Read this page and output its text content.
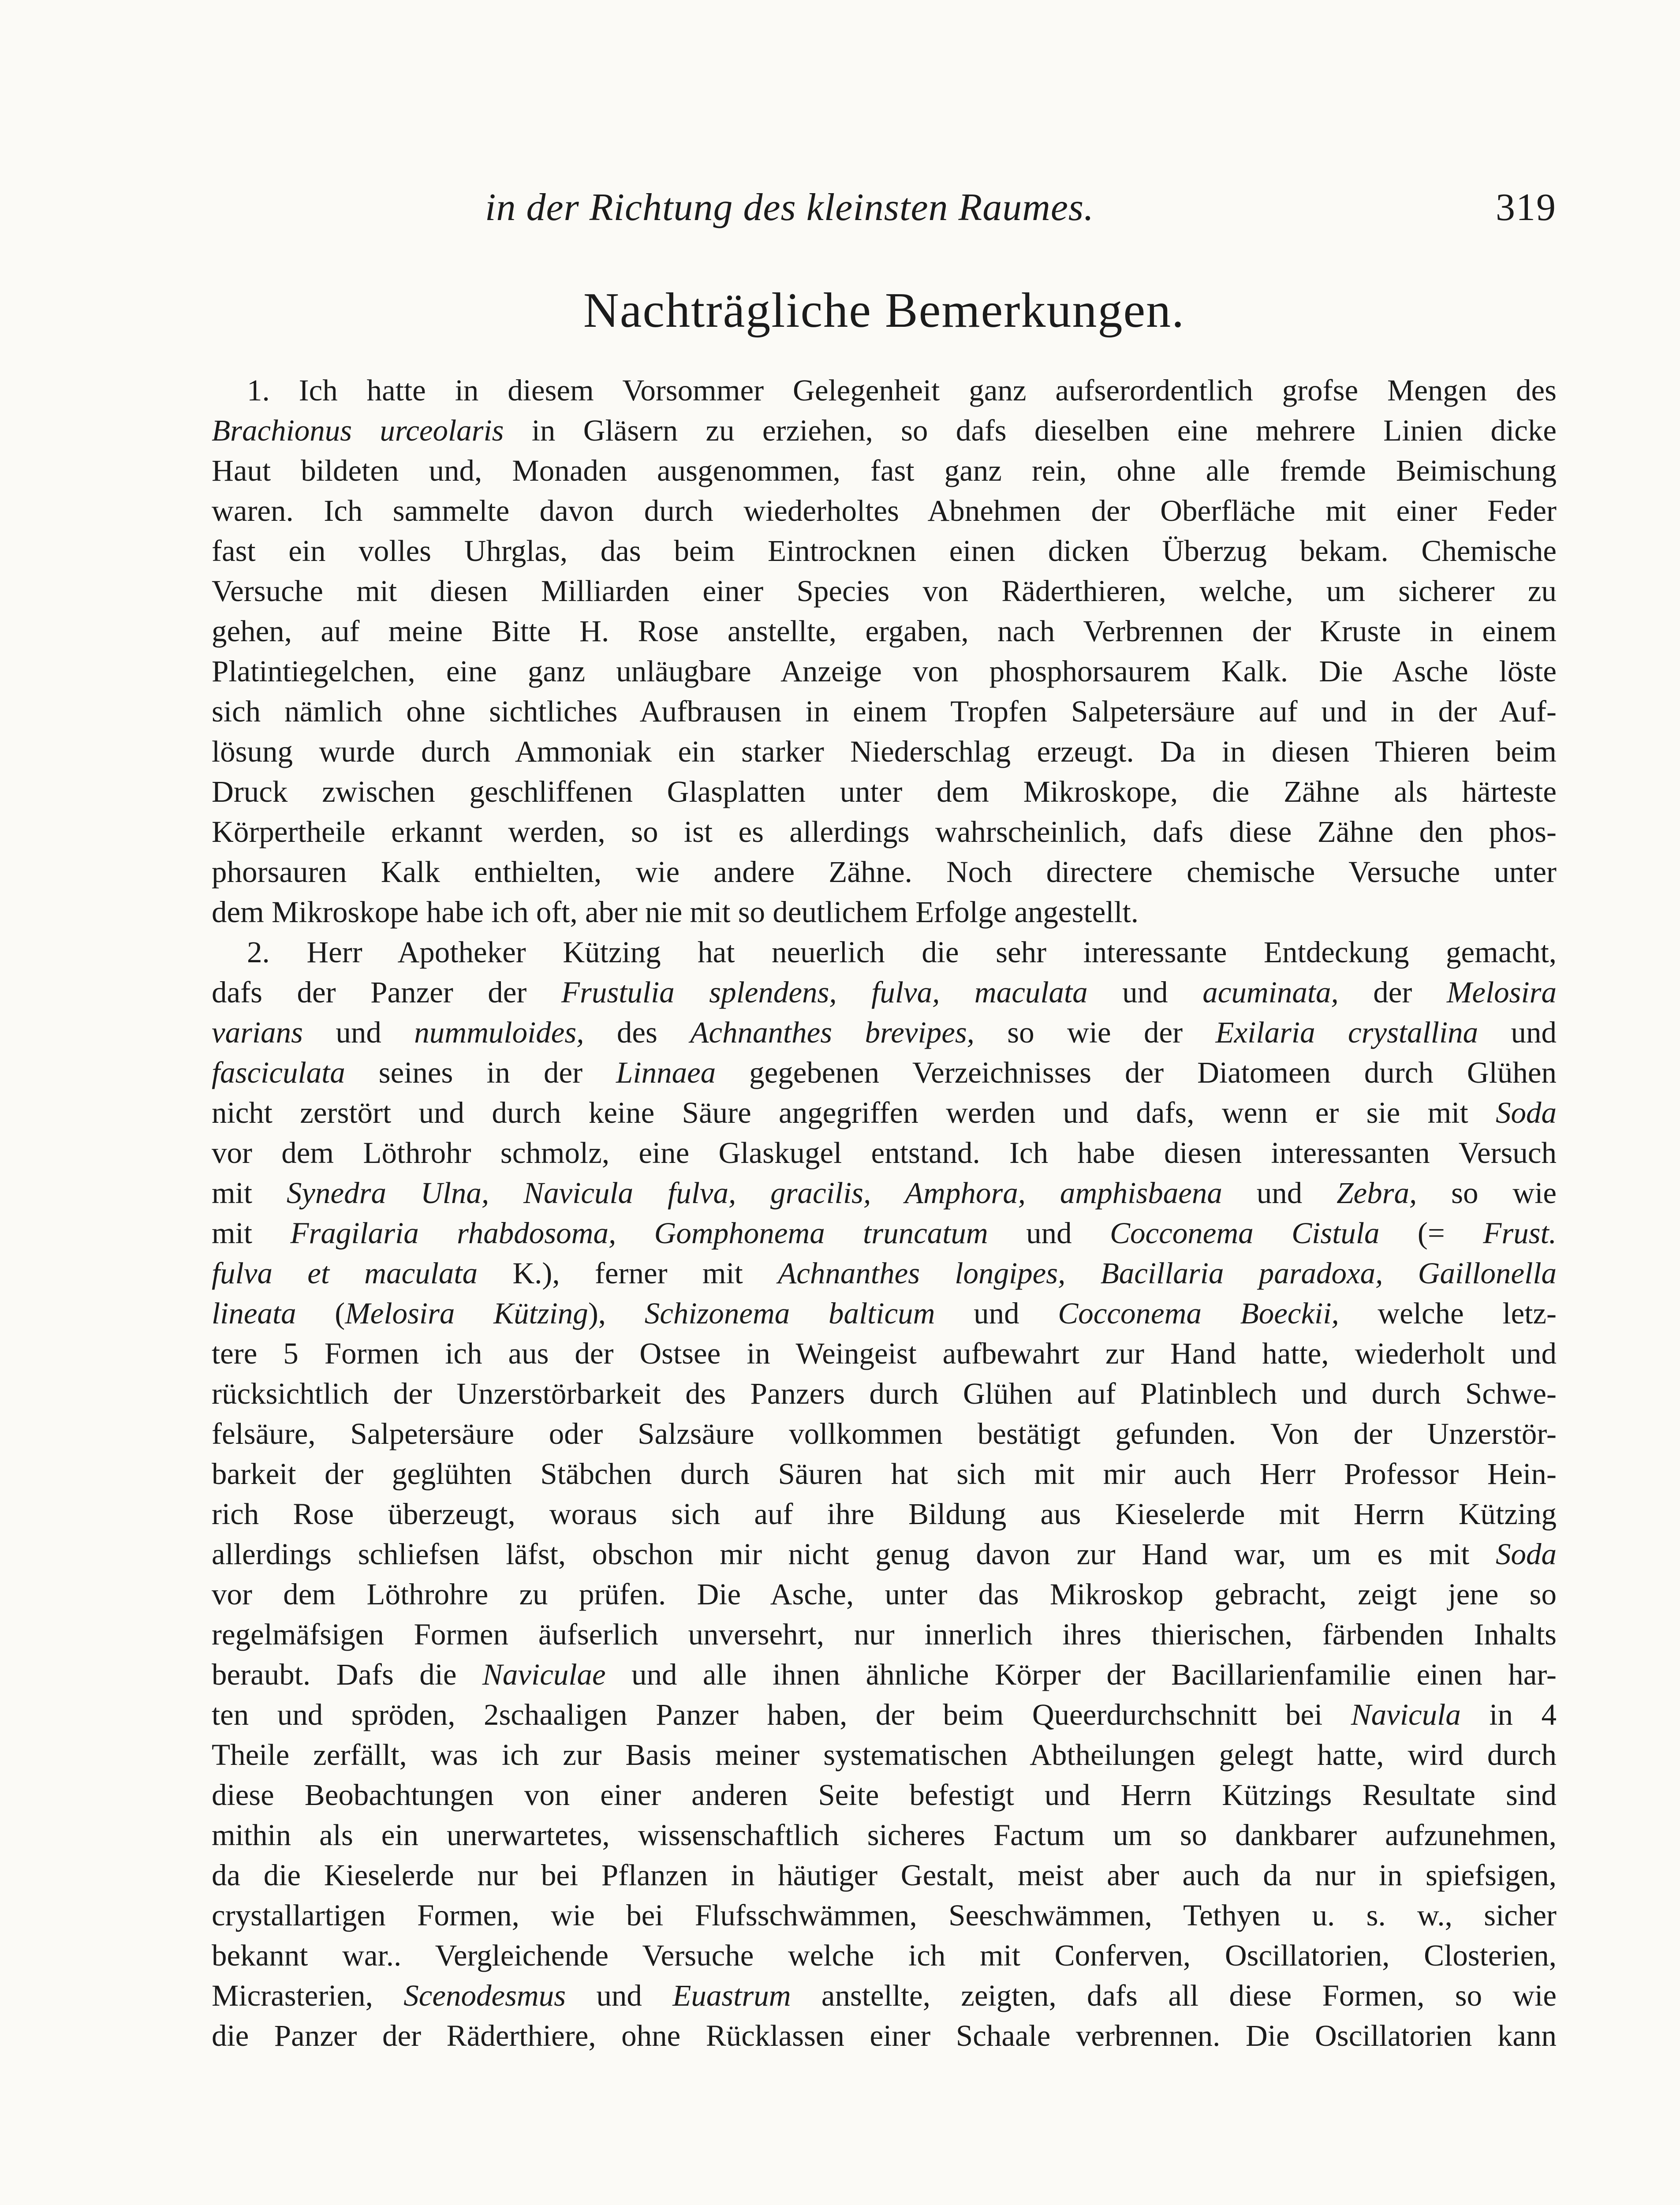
in der Richtung des kleinsten Raumes.	319
Nachträgliche Bemerkungen.
1. Ich hatte in diesem Vorsommer Gelegenheit ganz aufserordentlich grofse Mengen des
Brachionus urceolaris in Gläsern zu erziehen, so dafs dieselben eine mehrere Linien dicke
Haut bildeten und, Monaden ausgenommen, fast ganz rein, ohne alle fremde Beimischung
waren. Ich sammelte davon durch wiederholtes Abnehmen der Oberfläche mit einer Feder
fast ein volles Uhrglas, das beim Eintrocknen einen dicken Überzug bekam. Chemische
Versuche mit diesen Milliarden einer Species von Räderthieren, welche, um sicherer zu
gehen, auf meine Bitte H. Rose anstellte, ergaben, nach Verbrennen der Kruste in einem
Platintiegelchen, eine ganz unläugbare Anzeige von phosphorsaurem Kalk. Die Asche löste
sich nämlich ohne sichtliches Aufbrausen in einem Tropfen Salpetersäure auf und in der Auf-
lösung wurde durch Ammoniak ein starker Niederschlag erzeugt. Da in diesen Thieren beim
Druck zwischen geschliffenen Glasplatten unter dem Mikroskope, die Zähne als härteste
Körpertheile erkannt werden, so ist es allerdings wahrscheinlich, dafs diese Zähne den phos-
phorsauren Kalk enthielten, wie andere Zähne. Noch directere chemische Versuche unter
dem Mikroskope habe ich oft, aber nie mit so deutlichem Erfolge angestellt.
2. Herr Apotheker Kützing hat neuerlich die sehr interessante Entdeckung gemacht,
dafs der Panzer der Frustulia splendens, fulva, maculata und acuminata, der Melosira
varians und nummuloides, des Achnanthes brevipes, so wie der Exilaria crystallina und
fasciculata seines in der Linnaea gegebenen Verzeichnisses der Diatomeen durch Glühen
nicht zerstört und durch keine Säure angegriffen werden und dafs, wenn er sie mit Soda
vor dem Löthrohr schmolz, eine Glaskugel entstand. Ich habe diesen interessanten Versuch
mit Synedra Ulna, Navicula fulva, gracilis, Amphora, amphisbaena und Zebra, so wie
mit Fragilaria rhabdosoma, Gomphonema truncatum und Cocconema Cistula (= Frust.
fulva et maculata K.), ferner mit Achnanthes longipes, Bacillaria paradoxa, Gaillonella
lineata (Melosira Kützing), Schizonema balticum und Cocconema Boeckii, welche letz-
tere 5 Formen ich aus der Ostsee in Weingeist aufbewahrt zur Hand hatte, wiederholt und
rücksichtlich der Unzerstörbarkeit des Panzers durch Glühen auf Platinblech und durch Schwe-
felsäure, Salpetersäure oder Salzsäure vollkommen bestätigt gefunden. Von der Unzerstör-
barkeit der geglühten Stäbchen durch Säuren hat sich mit mir auch Herr Professor Hein-
rich Rose überzeugt, woraus sich auf ihre Bildung aus Kieselerde mit Herrn Kützing
allerdings schliefsen läfst, obschon mir nicht genug davon zur Hand war, um es mit Soda
vor dem Löthrohre zu prüfen. Die Asche, unter das Mikroskop gebracht, zeigt jene so
regelmäfsigen Formen äufserlich unversehrt, nur innerlich ihres thierischen, färbenden Inhalts
beraubt. Dafs die Naviculae und alle ihnen ähnliche Körper der Bacillarienfamilie einen har-
ten und spröden, 2schaaligen Panzer haben, der beim Queerdurchschnitt bei Navicula in 4
Theile zerfällt, was ich zur Basis meiner systematischen Abtheilungen gelegt hatte, wird durch
diese Beobachtungen von einer anderen Seite befestigt und Herrn Kützings Resultate sind
mithin als ein unerwartetes, wissenschaftlich sicheres Factum um so dankbarer aufzunehmen,
da die Kieselerde nur bei Pflanzen in häutiger Gestalt, meist aber auch da nur in spiefsigen,
crystallartigen Formen, wie bei Flufsschwämmen, Seeschwämmen, Tethyen u. s. w., sicher
bekannt war.. Vergleichende Versuche welche ich mit Conferven, Oscillatorien, Closterien,
Micrasterien, Scenodesmus und Euastrum anstellte, zeigten, dafs all diese Formen, so wie
die Panzer der Räderthiere, ohne Rücklassen einer Schaale verbrennen. Die Oscillatorien kann
